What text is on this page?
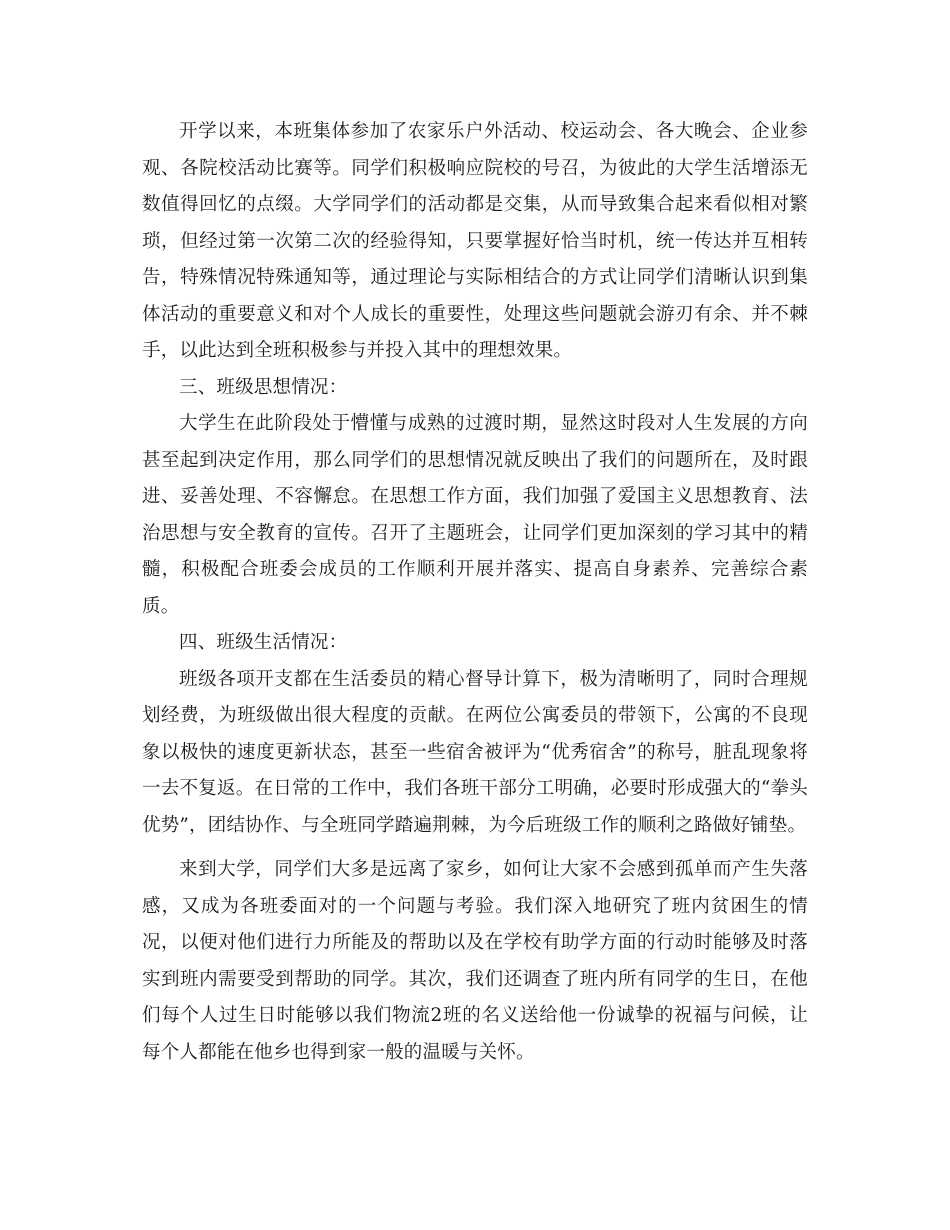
开学以来，本班集体参加了农家乐户外活动、校运动会、各大晚会、企业参观、各院校活动比赛等。同学们积极响应院校的号召，为彼此的大学生活增添无数值得回忆的点缀。大学同学们的活动都是交集，从而导致集合起来看似相对繁琐，但经过第一次第二次的经验得知，只要掌握好恰当时机，统一传达并互相转告，特殊情况特殊通知等，通过理论与实际相结合的方式让同学们清晰认识到集体活动的重要意义和对个人成长的重要性，处理这些问题就会游刃有余、并不棘手，以此达到全班积极参与并投入其中的理想效果。

三、班级思想情况：

大学生在此阶段处于懵懂与成熟的过渡时期，显然这时段对人生发展的方向甚至起到决定作用，那么同学们的思想情况就反映出了我们的问题所在，及时跟进、妥善处理、不容懈怠。在思想工作方面，我们加强了爱国主义思想教育、法治思想与安全教育的宣传。召开了主题班会，让同学们更加深刻的学习其中的精髓，积极配合班委会成员的工作顺利开展并落实、提高自身素养、完善综合素质。

四、班级生活情况：

班级各项开支都在生活委员的精心督导计算下，极为清晰明了，同时合理规划经费，为班级做出很大程度的贡献。在两位公寓委员的带领下，公寓的不良现象以极快的速度更新状态，甚至一些宿舍被评为“优秀宿舍”的称号，脏乱现象将一去不复返。在日常的工作中，我们各班干部分工明确，必要时形成强大的“拳头优势”，团结协作、与全班同学踏遍荆棘，为今后班级工作的顺利之路做好铺垫。

来到大学，同学们大多是远离了家乡，如何让大家不会感到孤单而产生失落感，又成为各班委面对的一个问题与考验。我们深入地研究了班内贫困生的情况，以便对他们进行力所能及的帮助以及在学校有助学方面的行动时能够及时落实到班内需要受到帮助的同学。其次，我们还调查了班内所有同学的生日，在他们每个人过生日时能够以我们物流2班的名义送给他一份诚挚的祝福与问候，让每个人都能在他乡也得到家一般的温暖与关怀。
